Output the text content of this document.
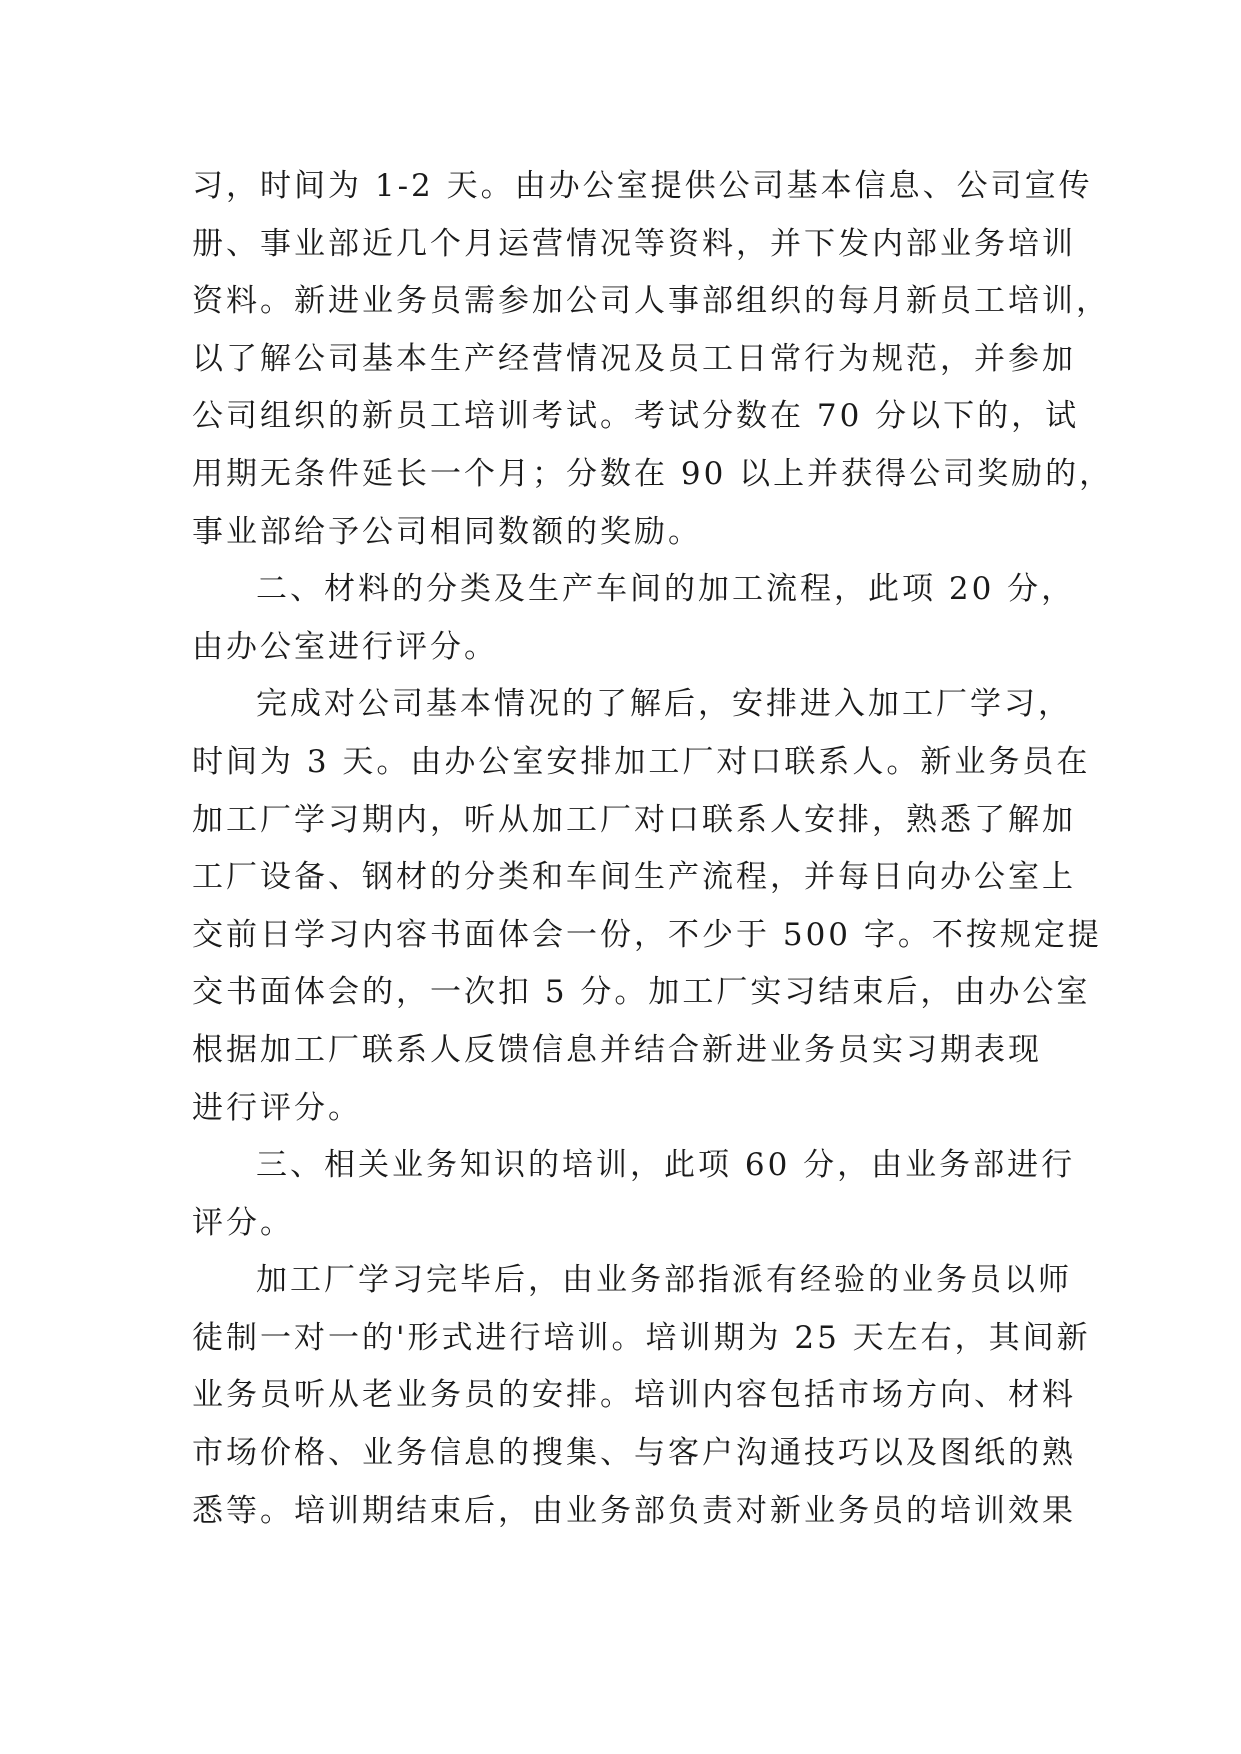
习，时间为 1-2 天。由办公室提供公司基本信息、公司宣传
册、事业部近几个月运营情况等资料，并下发内部业务培训
资料。新进业务员需参加公司人事部组织的每月新员工培训，
以了解公司基本生产经营情况及员工日常行为规范，并参加
公司组织的新员工培训考试。考试分数在 70 分以下的，试
用期无条件延长一个月；分数在 90 以上并获得公司奖励的，
事业部给予公司相同数额的奖励。
二、材料的分类及生产车间的加工流程，此项 20 分，
由办公室进行评分。
完成对公司基本情况的了解后，安排进入加工厂学习，
时间为 3 天。由办公室安排加工厂对口联系人。新业务员在
加工厂学习期内，听从加工厂对口联系人安排，熟悉了解加
工厂设备、钢材的分类和车间生产流程，并每日向办公室上
交前日学习内容书面体会一份，不少于 500 字。不按规定提
交书面体会的，一次扣 5 分。加工厂实习结束后，由办公室
根据加工厂联系人反馈信息并结合新进业务员实习期表现
进行评分。
三、相关业务知识的培训，此项 60 分，由业务部进行
评分。
加工厂学习完毕后，由业务部指派有经验的业务员以师
徒制一对一的'形式进行培训。培训期为 25 天左右，其间新
业务员听从老业务员的安排。培训内容包括市场方向、材料
市场价格、业务信息的搜集、与客户沟通技巧以及图纸的熟
悉等。培训期结束后，由业务部负责对新业务员的培训效果
